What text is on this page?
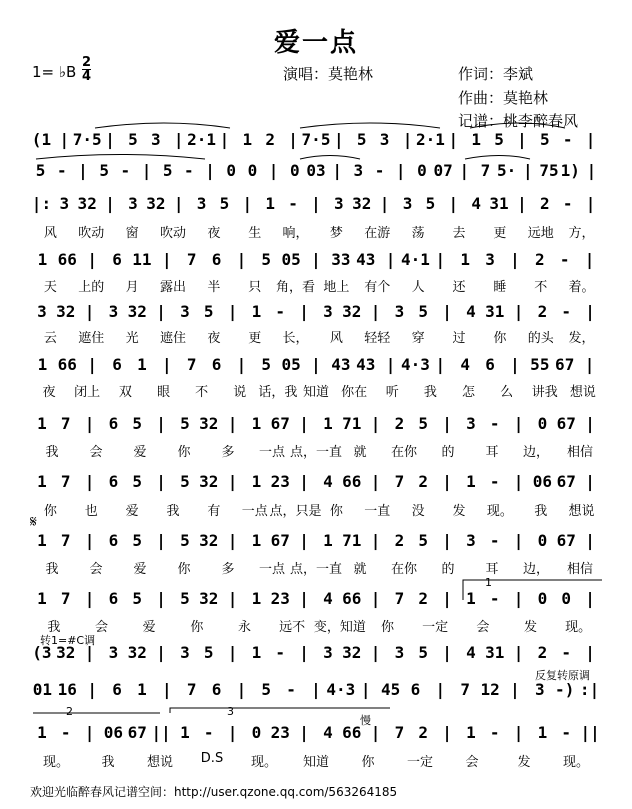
爱一点
1= ♭B
2
4	演唱：莫艳林	作词：李斌
作曲：莫艳林
记谱：桃李醉春风
(1 | 7·5 | 5 3 | 2·1 | 1 2 | 7·5 | 5 3 | 2·1 | 1 5 | 5 - |
5 - | 5 - | 5 - | 0 0 | 0 03 | 3 - | 0 07 | 7 5· | 75 1) |
|: 3 32 | 3 32 | 3 5 | 1 - | 3 32 | 3 5 | 4 31 | 2 - |
1 66 | 6 11 | 7 6 | 5 05 | 33 43 | 4·1 | 1 3 | 2 - |
3 32 | 3 32 | 3 5 | 1 - | 3 32 | 3 5 | 4 31 | 2 - |
1 66 | 6 1 | 7 6 | 5 05 | 43 43 | 4·3 | 4 6 | 55 67 |
1 7 | 6 5 | 5 32 | 1 67 | 1 71 | 2 5 | 3 - | 0 67 |
1 7 | 6 5 | 5 32 | 1 23 | 4 66 | 7 2 | 1 - | 06 67 |
1 7 | 6 5 | 5 32 | 1 67 | 1 71 | 2 5 | 3 - | 0 67 |
1 7 | 6 5 | 5 32 | 1 23 | 4 66 | 7 2 | 1 - | 0 0 |
(3 32 | 3 32 | 3 5 | 1 - | 3 32 | 3 5 | 4 31 | 2 - |
01 16 | 6 1 | 7 6 | 5 - | 4·3 | 45 6 | 7 12 | 3 -) :|
1 - | 06 67 || 1 - | 0 23 | 4 66 | 7 2 | 1 - | 1 - ||
风 吹动 窗 吹动 夜 生 响， 梦 在游 荡 去 更 远地 方，
天 上的 月 露出 半 只 角，看 地上 有个 人 还 睡 不 着。
云 遮住 光 遮住 夜 更 长， 风 轻轻 穿 过 你 的头 发，
夜 闭上 双 眼 不 说 话，我 知道 你在 听 我 怎 么 讲我 想说
我 会 爱 你 多 一点 点，一直 就 在你 的 耳 边， 相信
你 也 爱 我 有 一点 点，只是 你 一直 没 发 现。 我 想说
我 会 爱 你 多 一点 点，一直 就 在你 的 耳 边， 相信
我	会	爱	你	永 远不 变，知道 你 一定 会	发 现。
现。 我 想说 D.S 现。 知道 你 一定 会	发 现。
𝄋
转1=#C调
反复转原调
1
2	3
慢
欢迎光临醉春风记谱空间：http://user.qzone.qq.com/563264185
